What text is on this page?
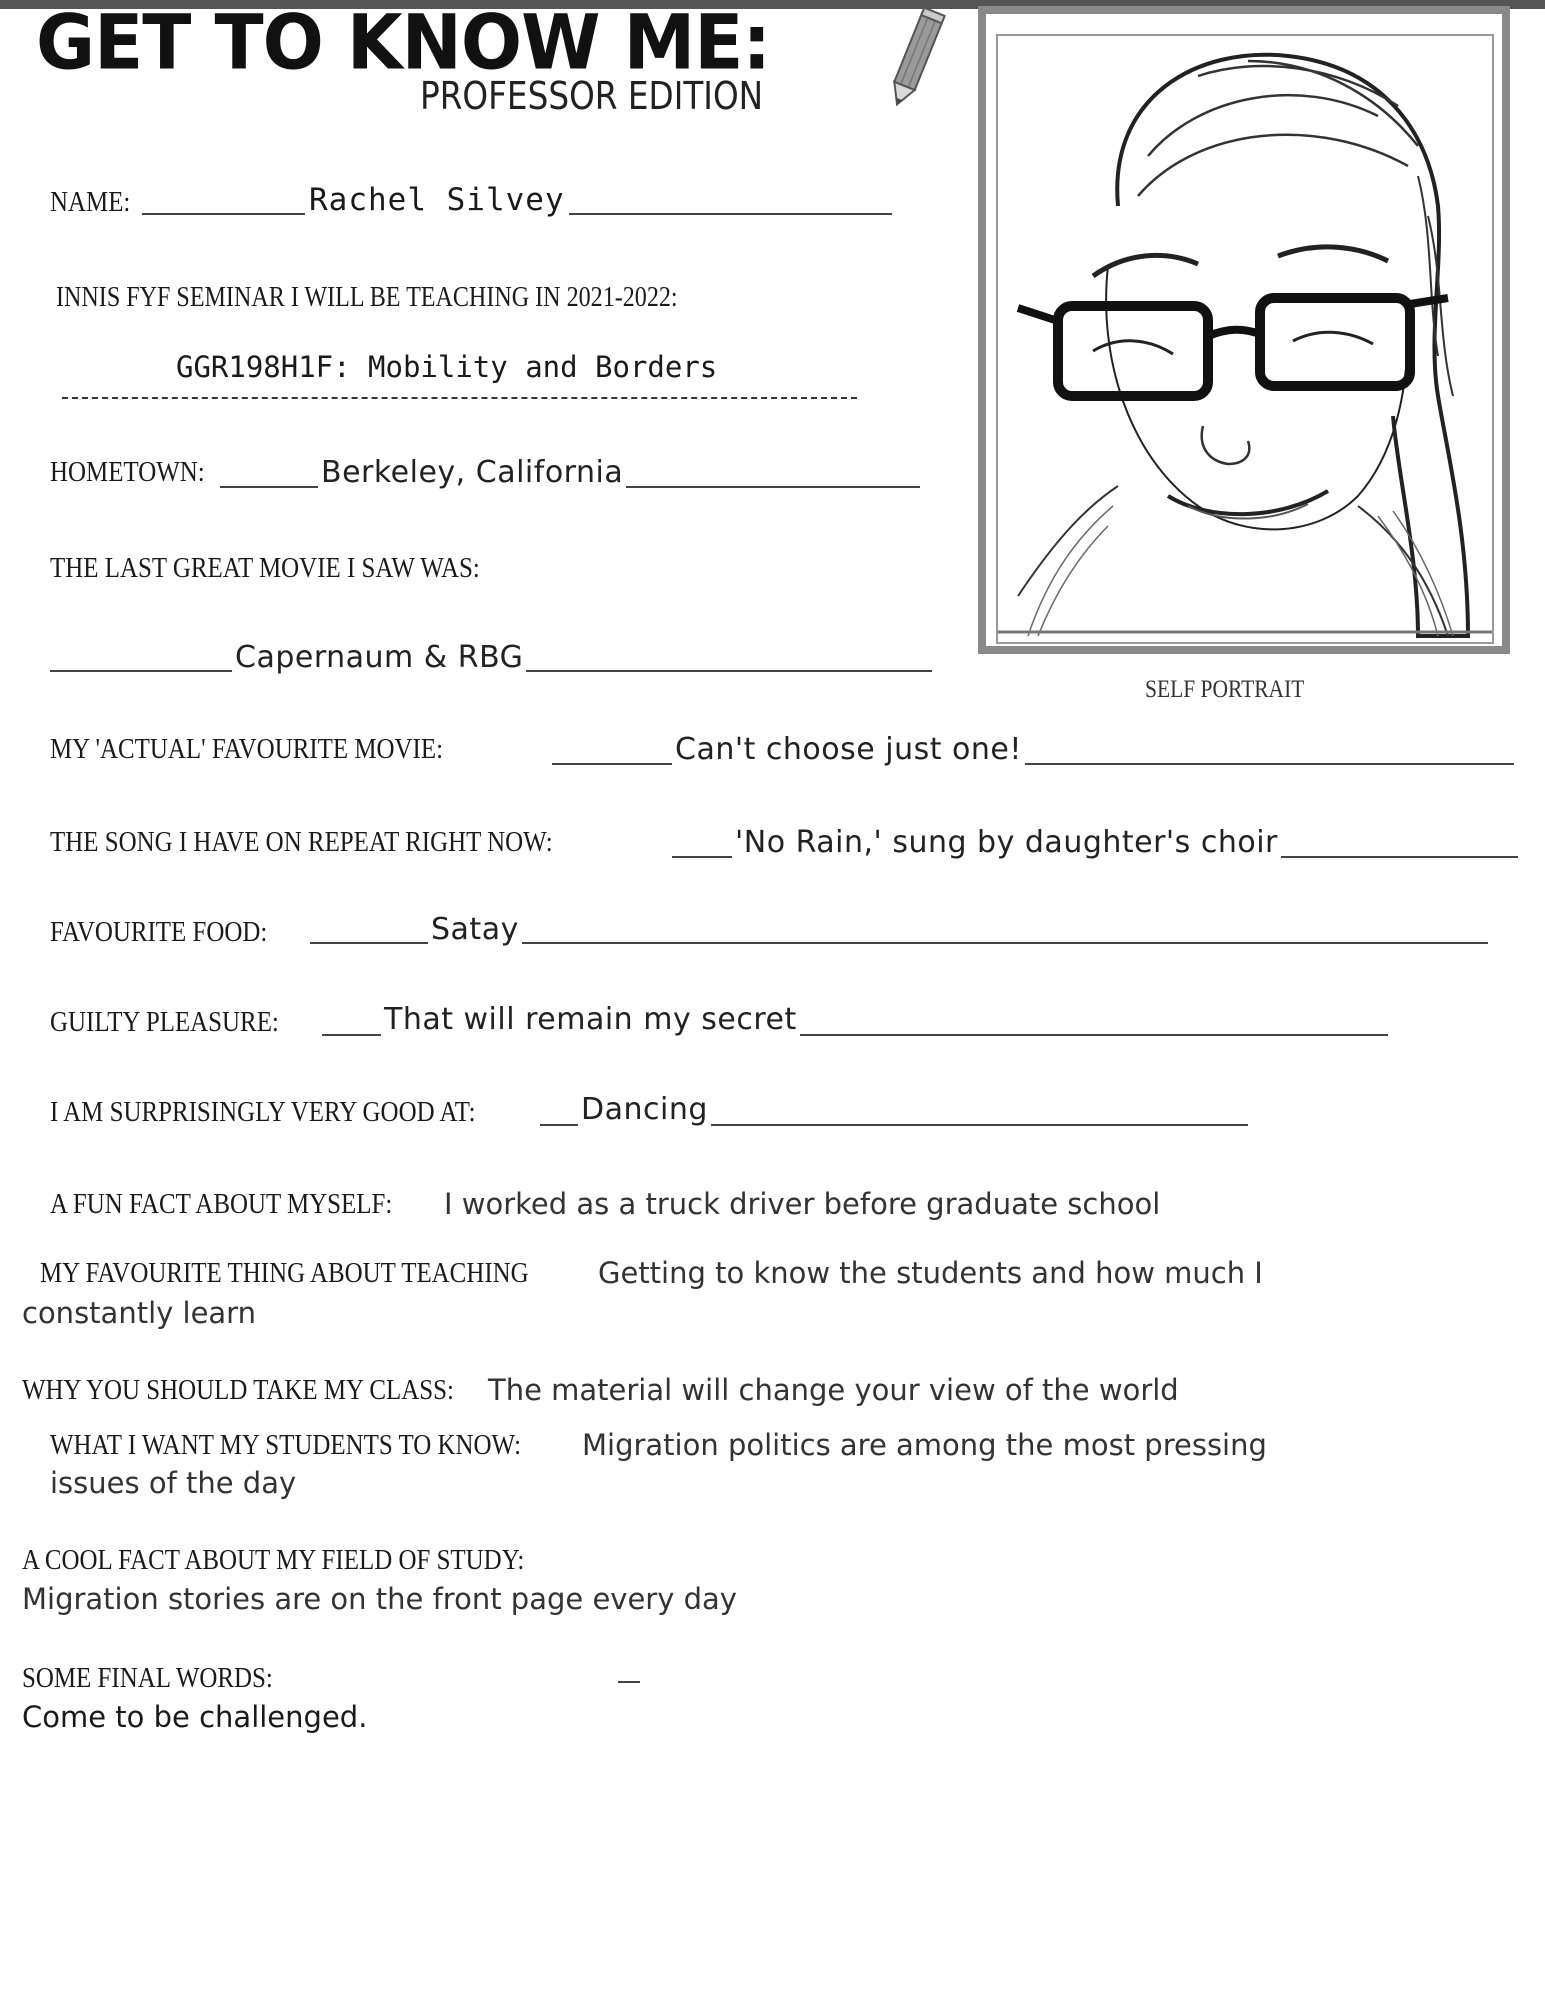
GET TO KNOW ME:
PROFESSOR EDITION
SELF PORTRAIT
NAME:	Rachel Silvey
INNIS FYF SEMINAR I WILL BE TEACHING IN 2021-2022:
GGR198H1F: Mobility and Borders
HOMETOWN:	Berkeley, California
THE LAST GREAT MOVIE I SAW WAS:
Capernaum & RBG
MY 'ACTUAL' FAVOURITE MOVIE:	Can't choose just one!
THE SONG I HAVE ON REPEAT RIGHT NOW:	'No Rain,' sung by daughter's choir
FAVOURITE FOOD:	Satay
GUILTY PLEASURE:	That will remain my secret
I AM SURPRISINGLY VERY GOOD AT:	Dancing
A FUN FACT ABOUT MYSELF: I worked as a truck driver before graduate school
MY FAVOURITE THING ABOUT TEACHING Getting to know the students and how much I
constantly learn
WHY YOU SHOULD TAKE MY CLASS: The material will change your view of the world
WHAT I WANT MY STUDENTS TO KNOW: Migration politics are among the most pressing
issues of the day
A COOL FACT ABOUT MY FIELD OF STUDY:
Migration stories are on the front page every day
SOME FINAL WORDS:
Come to be challenged.
